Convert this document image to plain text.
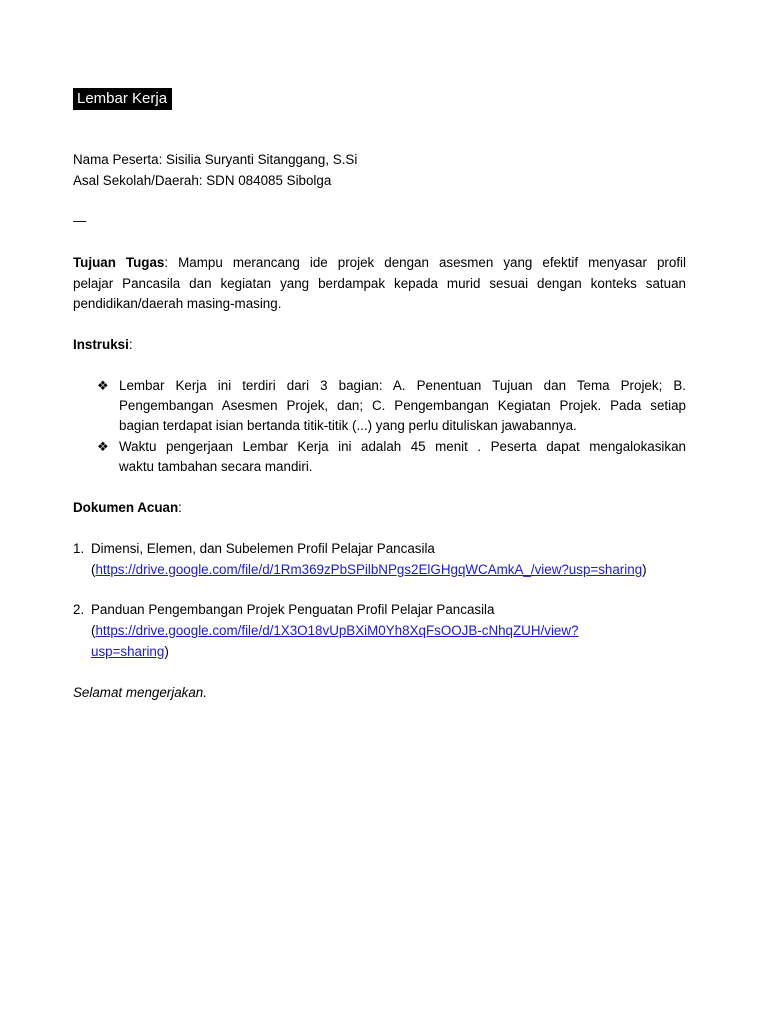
Lembar Kerja
Nama Peserta: Sisilia Suryanti Sitanggang, S.Si
Asal Sekolah/Daerah: SDN 084085 Sibolga
—
Tujuan Tugas: Mampu merancang ide projek dengan asesmen yang efektif menyasar profil
pelajar Pancasila dan kegiatan yang berdampak kepada murid sesuai dengan konteks satuan
pendidikan/daerah masing-masing.
Instruksi:
❖ Lembar Kerja ini terdiri dari 3 bagian: A. Penentuan Tujuan dan Tema Projek; B.
Pengembangan Asesmen Projek, dan; C. Pengembangan Kegiatan Projek. Pada setiap
bagian terdapat isian bertanda titik-titik (...) yang perlu dituliskan jawabannya.
❖ Waktu pengerjaan Lembar Kerja ini adalah 45 menit . Peserta dapat mengalokasikan
waktu tambahan secara mandiri.
Dokumen Acuan:
1. Dimensi, Elemen, dan Subelemen Profil Pelajar Pancasila
(https://drive.google.com/file/d/1Rm369zPbSPilbNPgs2ElGHgqWCAmkA_/view?usp=sharing)
2. Panduan Pengembangan Projek Penguatan Profil Pelajar Pancasila
(https://drive.google.com/file/d/1X3O18vUpBXiM0Yh8XqFsOOJB-cNhqZUH/view?
usp=sharing)
Selamat mengerjakan.
